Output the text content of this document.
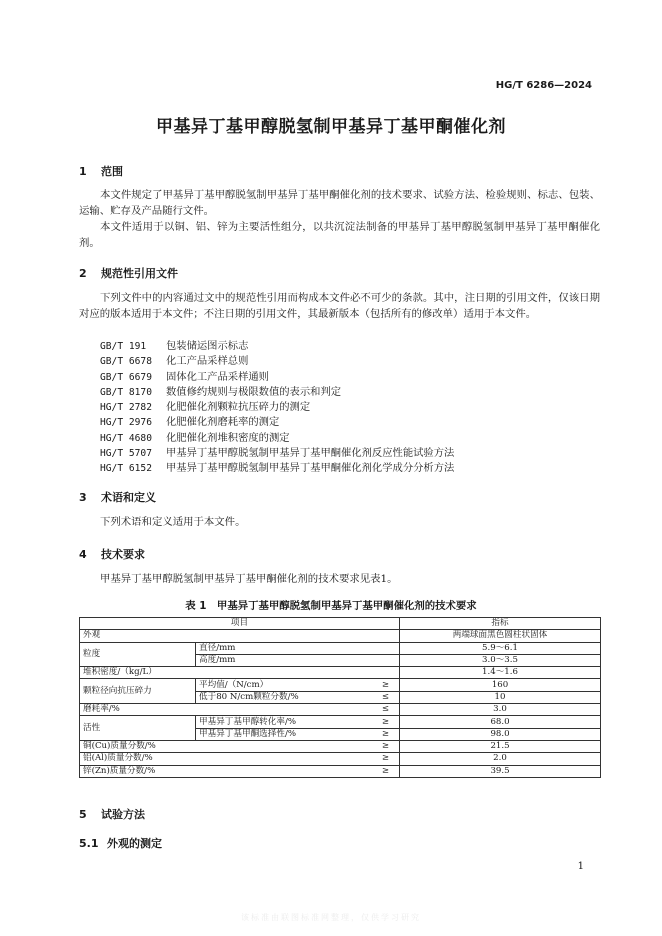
HG/T 6286—2024
甲基异丁基甲醇脱氢制甲基异丁基甲酮催化剂
1 范围

本文件规定了甲基异丁基甲醇脱氢制甲基异丁基甲酮催化剂的技术要求、试验方法、检验规则、标志、包装、运输、贮存及产品随行文件。

本文件适用于以铜、铝、锌为主要活性组分，以共沉淀法制备的甲基异丁基甲醇脱氢制甲基异丁基甲酮催化剂。

2 规范性引用文件

下列文件中的内容通过文中的规范性引用而构成本文件必不可少的条款。其中，注日期的引用文件，仅该日期对应的版本适用于本文件；不注日期的引用文件，其最新版本（包括所有的修改单）适用于本文件。

GB/T 191 包装储运图示标志
GB/T 6678 化工产品采样总则
GB/T 6679 固体化工产品采样通则
GB/T 8170 数值修约规则与极限数值的表示和判定
HG/T 2782 化肥催化剂颗粒抗压碎力的测定
HG/T 2976 化肥催化剂磨耗率的测定
HG/T 4680 化肥催化剂堆积密度的测定
HG/T 5707 甲基异丁基甲醇脱氢制甲基异丁基甲酮催化剂反应性能试验方法
HG/T 6152 甲基异丁基甲醇脱氢制甲基异丁基甲酮催化剂化学成分分析方法
3 术语和定义

下列术语和定义适用于本文件。

4 技术要求

甲基异丁基甲醇脱氢制甲基异丁基甲酮催化剂的技术要求见表1。

表 1　甲基异丁基甲醇脱氢制甲基异丁基甲酮催化剂的技术要求
项目			指标
外观			两端球面黑色圆柱状固体
粒度	直径/mm		5.9～6.1
	高度/mm		3.0～3.5
堆积密度/（kg/L）			1.4～1.6
颗粒径向抗压碎力	平均值/（N/cm）	≥	160
	低于80 N/cm颗粒分数/%	≤	10
磨耗率/%		≤	3.0
活性	甲基异丁基甲醇转化率/%	≥	68.0
	甲基异丁基甲酮选择性/%	≥	98.0
铜(Cu)质量分数/%		≥	21.5
铝(Al)质量分数/%		≥	2.0
锌(Zn)质量分数/%		≥	39.5
5 试验方法
5.1 外观的测定
1
该标准由联图标准网整理，仅供学习研究
